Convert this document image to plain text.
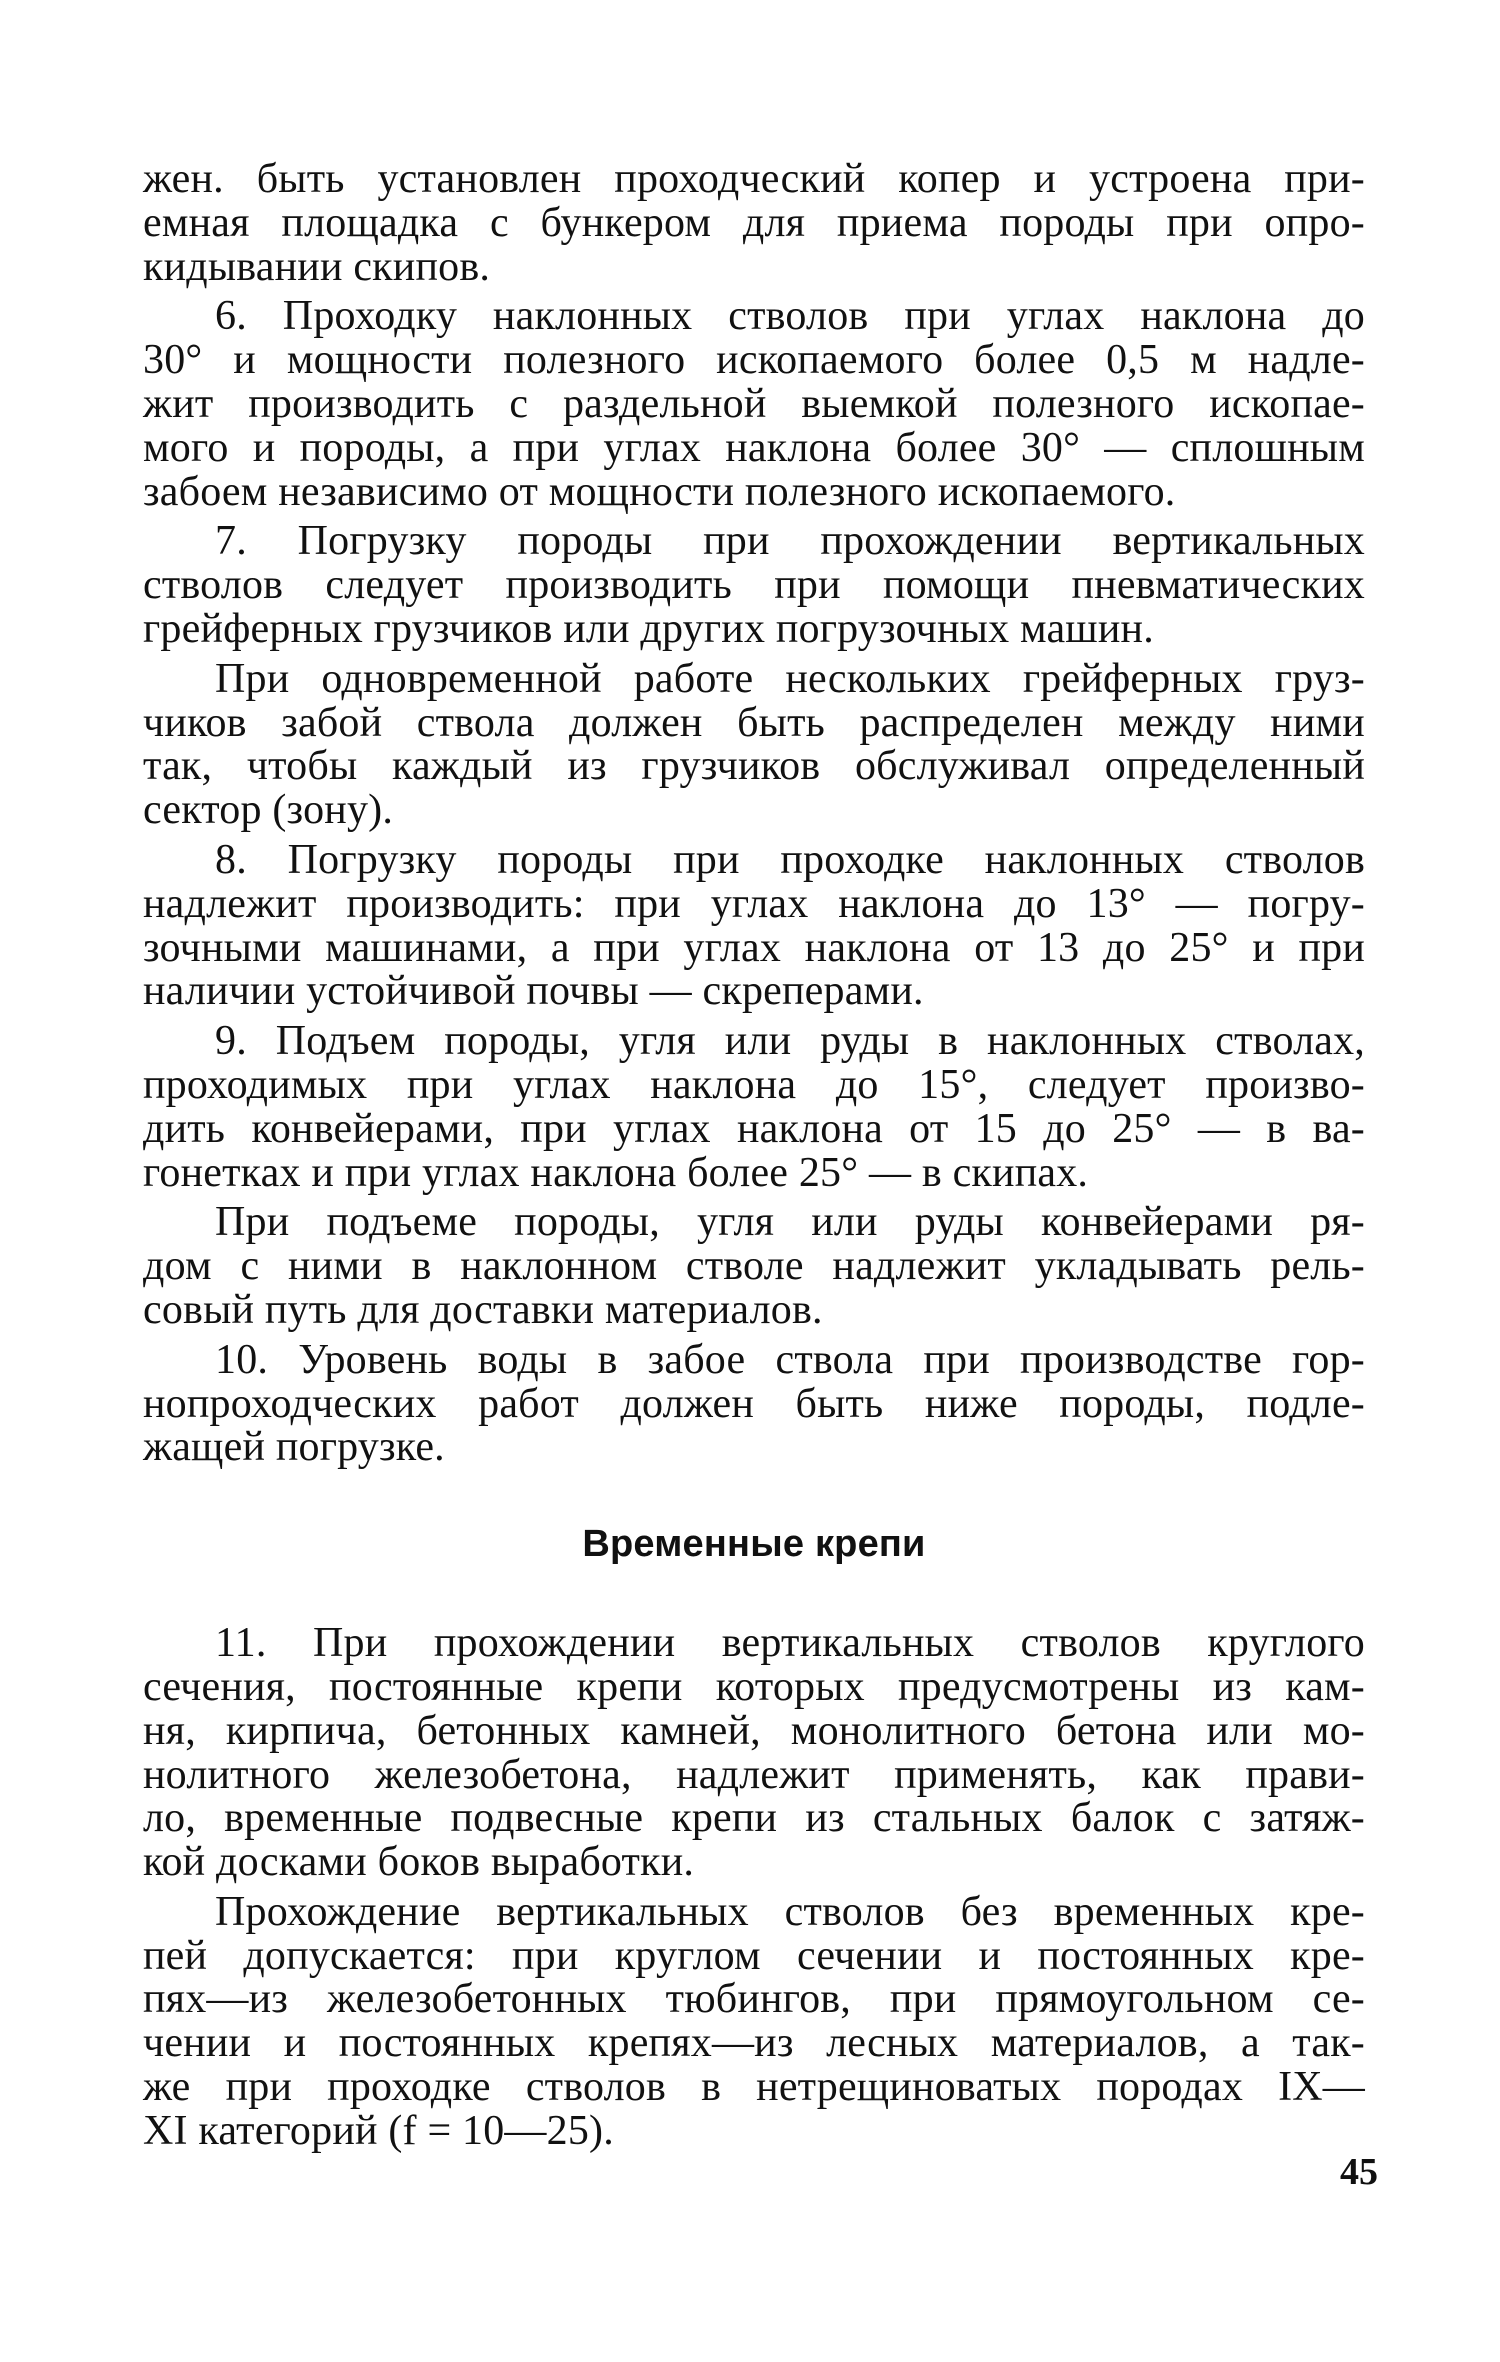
жен. быть установлен проходческий копер и устроена при-
емная площадка с бункером для приема породы при опро-
кидывании скипов.
6. Проходку наклонных стволов при углах наклона до
30° и мощности полезного ископаемого более 0,5 м надле-
жит производить с раздельной выемкой полезного ископае-
мого и породы, а при углах наклона более 30° — сплошным
забоем независимо от мощности полезного ископаемого.
7. Погрузку породы при прохождении вертикальных
стволов следует производить при помощи пневматических
грейферных грузчиков или других погрузочных машин.
При одновременной работе нескольких грейферных груз-
чиков забой ствола должен быть распределен между ними
так, чтобы каждый из грузчиков обслуживал определенный
сектор (зону).
8. Погрузку породы при проходке наклонных стволов
надлежит производить: при углах наклона до 13° — погру-
зочными машинами, а при углах наклона от 13 до 25° и при
наличии устойчивой почвы — скреперами.
9. Подъем породы, угля или руды в наклонных стволах,
проходимых при углах наклона до 15°, следует произво-
дить конвейерами, при углах наклона от 15 до 25° — в ва-
гонетках и при углах наклона более 25° — в скипах.
При подъеме породы, угля или руды конвейерами ря-
дом с ними в наклонном стволе надлежит укладывать рель-
совый путь для доставки материалов.
10. Уровень воды в забое ствола при производстве гор-
нопроходческих работ должен быть ниже породы, подле-
жащей погрузке.
Временные крепи
11. При прохождении вертикальных стволов круглого
сечения, постоянные крепи которых предусмотрены из кам-
ня, кирпича, бетонных камней, монолитного бетона или мо-
нолитного железобетона, надлежит применять, как прави-
ло, временные подвесные крепи из стальных балок с затяж-
кой досками боков выработки.
Прохождение вертикальных стволов без временных кре-
пей допускается: при круглом сечении и постоянных кре-
пях—из железобетонных тюбингов, при прямоугольном се-
чении и постоянных крепях—из лесных материалов, а так-
же при проходке стволов в нетрещиноватых породах IX—
XI категорий (f = 10—25).
45
